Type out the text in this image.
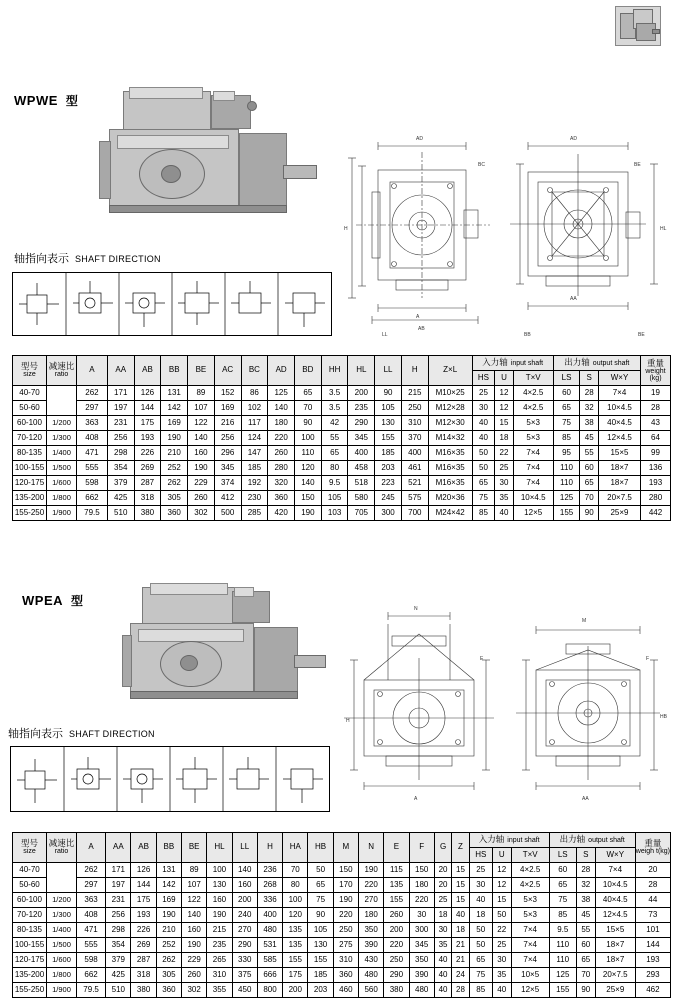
WPWE 型
轴指向表示 SHAFT DIRECTION
AD	AD
AB
AA
H	HL
A
BB	BE
LL
BC	BE
型号
size

减速比
ratio
	A	AA	AB	BB	BE	AC	BC	AD	BD	HH	HL	LL	H	Z×L	入力轴 input shaft	出力轴 output shaft	重量
weight
(kg)

																HS	U	T×V	LS	S	W×Y	
40-70		262	171	126	131	89	152	86	125	65	3.5	200	90	215	M10×25	25	12	4×2.5	60	28	7×4	19
50-60		297	197	144	142	107	169	102	140	70	3.5	235	105	250	M12×28	30	12	4×2.5	65	32	10×4.5	28
60-100	1/200	363	231	175	169	122	216	117	180	90	42	290	130	310	M12×30	40	15	5×3	75	38	40×4.5	43
70-120	1/300	408	256	193	190	140	256	124	220	100	55	345	155	370	M14×32	40	18	5×3	85	45	12×4.5	64
80-135	1/400	471	298	226	210	160	296	147	260	110	65	400	185	400	M16×35	50	22	7×4	95	55	15×5	99
100-155	1/500	555	354	269	252	190	345	185	280	120	80	458	203	461	M16×35	50	25	7×4	110	60	18×7	136
120-175	1/600	598	379	287	262	229	374	192	320	140	9.5	518	223	521	M16×35	65	30	7×4	110	65	18×7	193
135-200	1/800	662	425	318	305	260	412	230	360	150	105	580	245	575	M20×36	75	35	10×4.5	125	70	20×7.5	280
155-250	1/900	79.5	510	380	360	302	500	285	420	190	103	705	300	700	M24×42	85	40	12×5	155	90	25×9	442
WPEA 型
轴指向表示 SHAFT DIRECTION
N
M
H
HB
A	AA
E	F
型号
size

减速比
ratio
	A	AA	AB	BB	BE	HL	LL	H	HA	HB	M	N	E	F	G	Z	入力轴 input shaft	出力轴 output shaft	重量
weigh t(kg)

																		HS	U	T×V	LS	S	W×Y	
40-70		262	171	126	131	89	100	140	236	70	50	150	190	115	150	20	15	25	12	4×2.5	60	28	7×4	20
50-60		297	197	144	142	107	130	160	268	80	65	170	220	135	180	20	15	30	12	4×2.5	65	32	10×4.5	28
60-100	1/200	363	231	175	169	122	160	200	336	100	75	190	270	155	220	25	15	40	15	5×3	75	38	40×4.5	44
70-120	1/300	408	256	193	190	140	190	240	400	120	90	220	180	260	30	18	40	18	50	5×3	85	45	12×4.5	73
80-135	1/400	471	298	226	210	160	215	270	480	135	105	250	350	200	300	30	18	50	22	7×4	9.5	55	15×5	101
100-155	1/500	555	354	269	252	190	235	290	531	135	130	275	390	220	345	35	21	50	25	7×4	110	60	18×7	144
120-175	1/600	598	379	287	262	229	265	330	585	155	155	310	430	250	350	40	21	65	30	7×4	110	65	18×7	193
135-200	1/800	662	425	318	305	260	310	375	666	175	185	360	480	290	390	40	24	75	35	10×5	125	70	20×7.5	293
155-250	1/900	79.5	510	380	360	302	355	450	800	200	203	460	560	380	480	40	28	85	40	12×5	155	90	25×9	462
